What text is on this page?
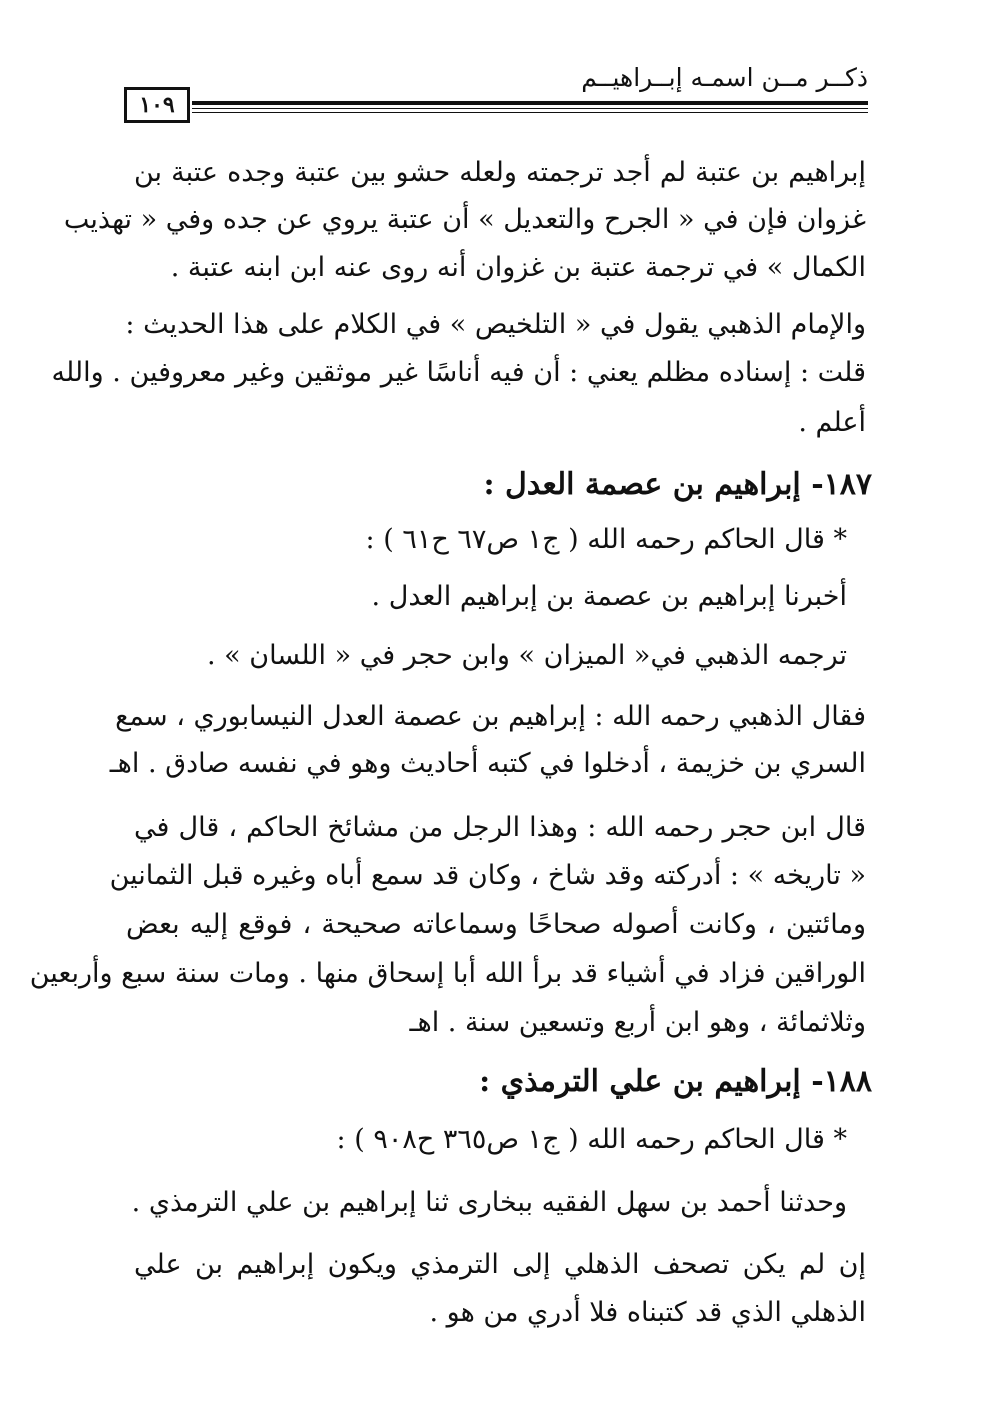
ذكــر مــن اسمـه إبــراهيــم
١٠٩
إبراهيم بن عتبة لم أجد ترجمته ولعله حشو بين عتبة وجده عتبة بن
غزوان فإن في « الجرح والتعديل » أن عتبة يروي عن جده وفي « تهذيب
الكمال » في ترجمة عتبة بن غزوان أنه روى عنه ابن ابنه عتبة .
والإمام الذهبي يقول في « التلخيص » في الكلام على هذا الحديث :
قلت : إسناده مظلم يعني : أن فيه أناسًا غير موثقين وغير معروفين . والله
أعلم .
١٨٧- إبراهيم بن عصمة العدل :
* قال الحاكم رحمه الله ( ج١ ص٦٧ ح٦١ ) :
أخبرنا إبراهيم بن عصمة بن إبراهيم العدل .
ترجمه الذهبي في« الميزان » وابن حجر في « اللسان » .
فقال الذهبي رحمه الله : إبراهيم بن عصمة العدل النيسابوري ، سمع
السري بن خزيمة ، أدخلوا في كتبه أحاديث وهو في نفسه صادق . اهـ
قال ابن حجر رحمه الله : وهذا الرجل من مشائخ الحاكم ، قال في
« تاريخه » : أدركته وقد شاخ ، وكان قد سمع أباه وغيره قبل الثمانين
ومائتين ، وكانت أصوله صحاحًا وسماعاته صحيحة ، فوقع إليه بعض
الوراقين فزاد في أشياء قد برأ الله أبا إسحاق منها . ومات سنة سبع وأربعين
وثلاثمائة ، وهو ابن أربع وتسعين سنة . اهـ
١٨٨- إبراهيم بن علي الترمذي :
* قال الحاكم رحمه الله ( ج١ ص٣٦٥ ح٩٠٨ ) :
وحدثنا أحمد بن سهل الفقيه ببخارى ثنا إبراهيم بن علي الترمذي .
إن لم يكن تصحف الذهلي إلى الترمذي ويكون إبراهيم بن علي
الذهلي الذي قد كتبناه فلا أدري من هو .
